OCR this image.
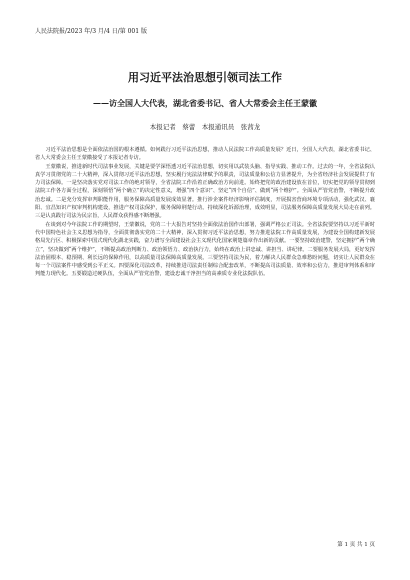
人民法院报/2023 年/3 月/4 日/第 001 版
用习近平法治思想引领司法工作
——访全国人大代表，湖北省委书记、省人大常委会主任王蒙徽
本报记者　蔡蕾　本报通讯员　张茜龙

习近平法治思想是全面依法治国的根本遵循。如何践行习近平法治思想，推动人民法院工作高质量发展？近日，全国人大代表，湖北省委书记、省人大常委会主任王蒙徽接受了本报记者专访。

王蒙徽说，推进新时代司法事业发展，关键是要学深悟透习近平法治思想，切实用以武装头脑、指导实践、推动工作。过去的一年，全省法院认真学习贯彻党的二十大精神，深入贯彻习近平法治思想，坚实履行宪法法律赋予的职责，司法质量和公信力显著提升，为全省经济社会发展提供了有力司法保障。一是坚决落实党对司法工作的绝对领导，全省法院工作沿着正确政治方向前进。始终把党的政治建设放在首位，切实把党的领导贯彻到法院工作各方面全过程，深刻领悟“两个确立”的决定性意义，增强“四个意识”、坚定“四个自信”、做到“两个维护”。全面从严管党治警，不断提升政治忠诚。二是充分发挥审判职能作用，服务保障高质量发展成效显著。推行涉企案件经济影响评估制度，开展损害营商环境专项活动，强化武汉、襄阳、宜昌知识产权审判机构建设，推进产权司法保护，服务保障荆楚行动。持续深化诉源治理，成效明显，司法服务保障高质量发展大局走在前列。三是认真践行司法为民宗旨，人民群众获得感不断增强。

在谈到对今年法院工作的期望时，王蒙徽说，党的二十大报告对坚持全面依法治国作出部署，强调严格公正司法。全省法院要坚持以习近平新时代中国特色社会主义思想为指导，全面贯彻落实党的二十大精神，深入贯彻习近平法治思想，努力推进法院工作高质量发展，为建设全国构建新发展格局先行区、积极探索中国式现代化湖北实践，奋力谱写全面建设社会主义现代化国家荆楚篇章作出新的贡献。一要坚持政治建警，坚定拥护“两个确立”，坚决做到“两个维护”，不断提高政治判断力、政治领悟力、政治执行力，始终在政治上讲忠诚、讲担当、讲纪律。二要服务发展大局，更好发挥法治固根本、稳预期、利长远的保障作用，以高质量司法保障高质量发展。三要坚持司法为民，着力解决人民群众急难愁盼问题，切实让人民群众在每一个司法案件中感受到公平正义。四要深化司法改革，持续推进司法责任制综合配套改革，不断提高司法质量、效率和公信力，推进审判体系和审判能力现代化。五要锻造过硬队伍，全面从严管党治警，建设忠诚干净担当的高素质专业化法院队伍。

第 1 页 共 1 页
